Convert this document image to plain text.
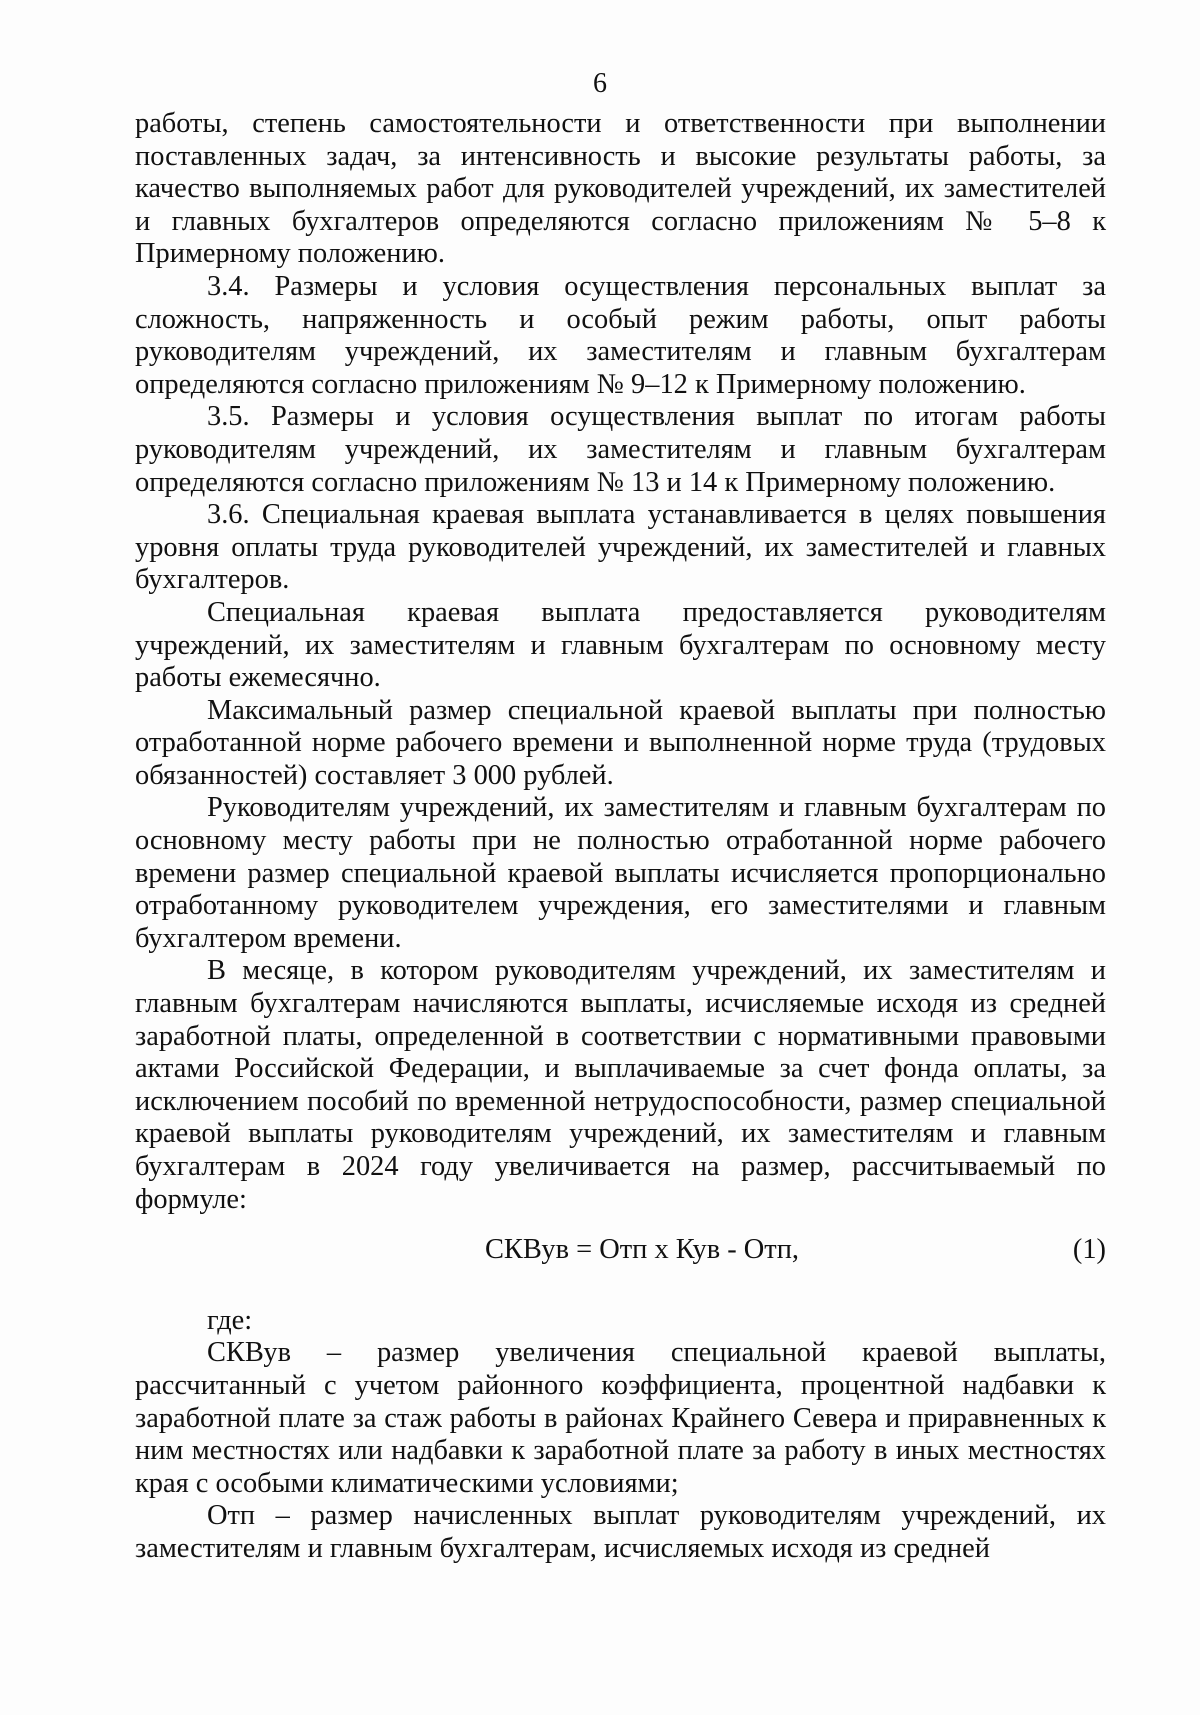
6

работы, степень самостоятельности и ответственности при выполнении поставленных задач, за интенсивность и высокие результаты работы, за качество выполняемых работ для руководителей учреждений, их заместителей и главных бухгалтеров определяются согласно приложениям № 5–8 к Примерному положению.

3.4. Размеры и условия осуществления персональных выплат за сложность, напряженность и особый режим работы, опыт работы руководителям учреждений, их заместителям и главным бухгалтерам определяются согласно приложениям № 9–12 к Примерному положению.

3.5. Размеры и условия осуществления выплат по итогам работы руководителям учреждений, их заместителям и главным бухгалтерам определяются согласно приложениям № 13 и 14 к Примерному положению.

3.6. Специальная краевая выплата устанавливается в целях повышения уровня оплаты труда руководителей учреждений, их заместителей и главных бухгалтеров.

Специальная краевая выплата предоставляется руководителям учреждений, их заместителям и главным бухгалтерам по основному месту работы ежемесячно.

Максимальный размер специальной краевой выплаты при полностью отработанной норме рабочего времени и выполненной норме труда (трудовых обязанностей) составляет 3 000 рублей.

Руководителям учреждений, их заместителям и главным бухгалтерам по основному месту работы при не полностью отработанной норме рабочего времени размер специальной краевой выплаты исчисляется пропорционально отработанному руководителем учреждения, его заместителями и главным бухгалтером времени.

В месяце, в котором руководителям учреждений, их заместителям и главным бухгалтерам начисляются выплаты, исчисляемые исходя из средней заработной платы, определенной в соответствии с нормативными правовыми актами Российской Федерации, и выплачиваемые за счет фонда оплаты, за исключением пособий по временной нетрудоспособности, размер специальной краевой выплаты руководителям учреждений, их заместителям и главным бухгалтерам в 2024 году увеличивается на размер, рассчитываемый по формуле:

СКВув = Отп х Кув - Отп,	(1)

где:

СКВув – размер увеличения специальной краевой выплаты, рассчитанный с учетом районного коэффициента, процентной надбавки к заработной плате за стаж работы в районах Крайнего Севера и приравненных к ним местностях или надбавки к заработной плате за работу в иных местностях края с особыми климатическими условиями;

Отп – размер начисленных выплат руководителям учреждений, их заместителям и главным бухгалтерам, исчисляемых исходя из средней
